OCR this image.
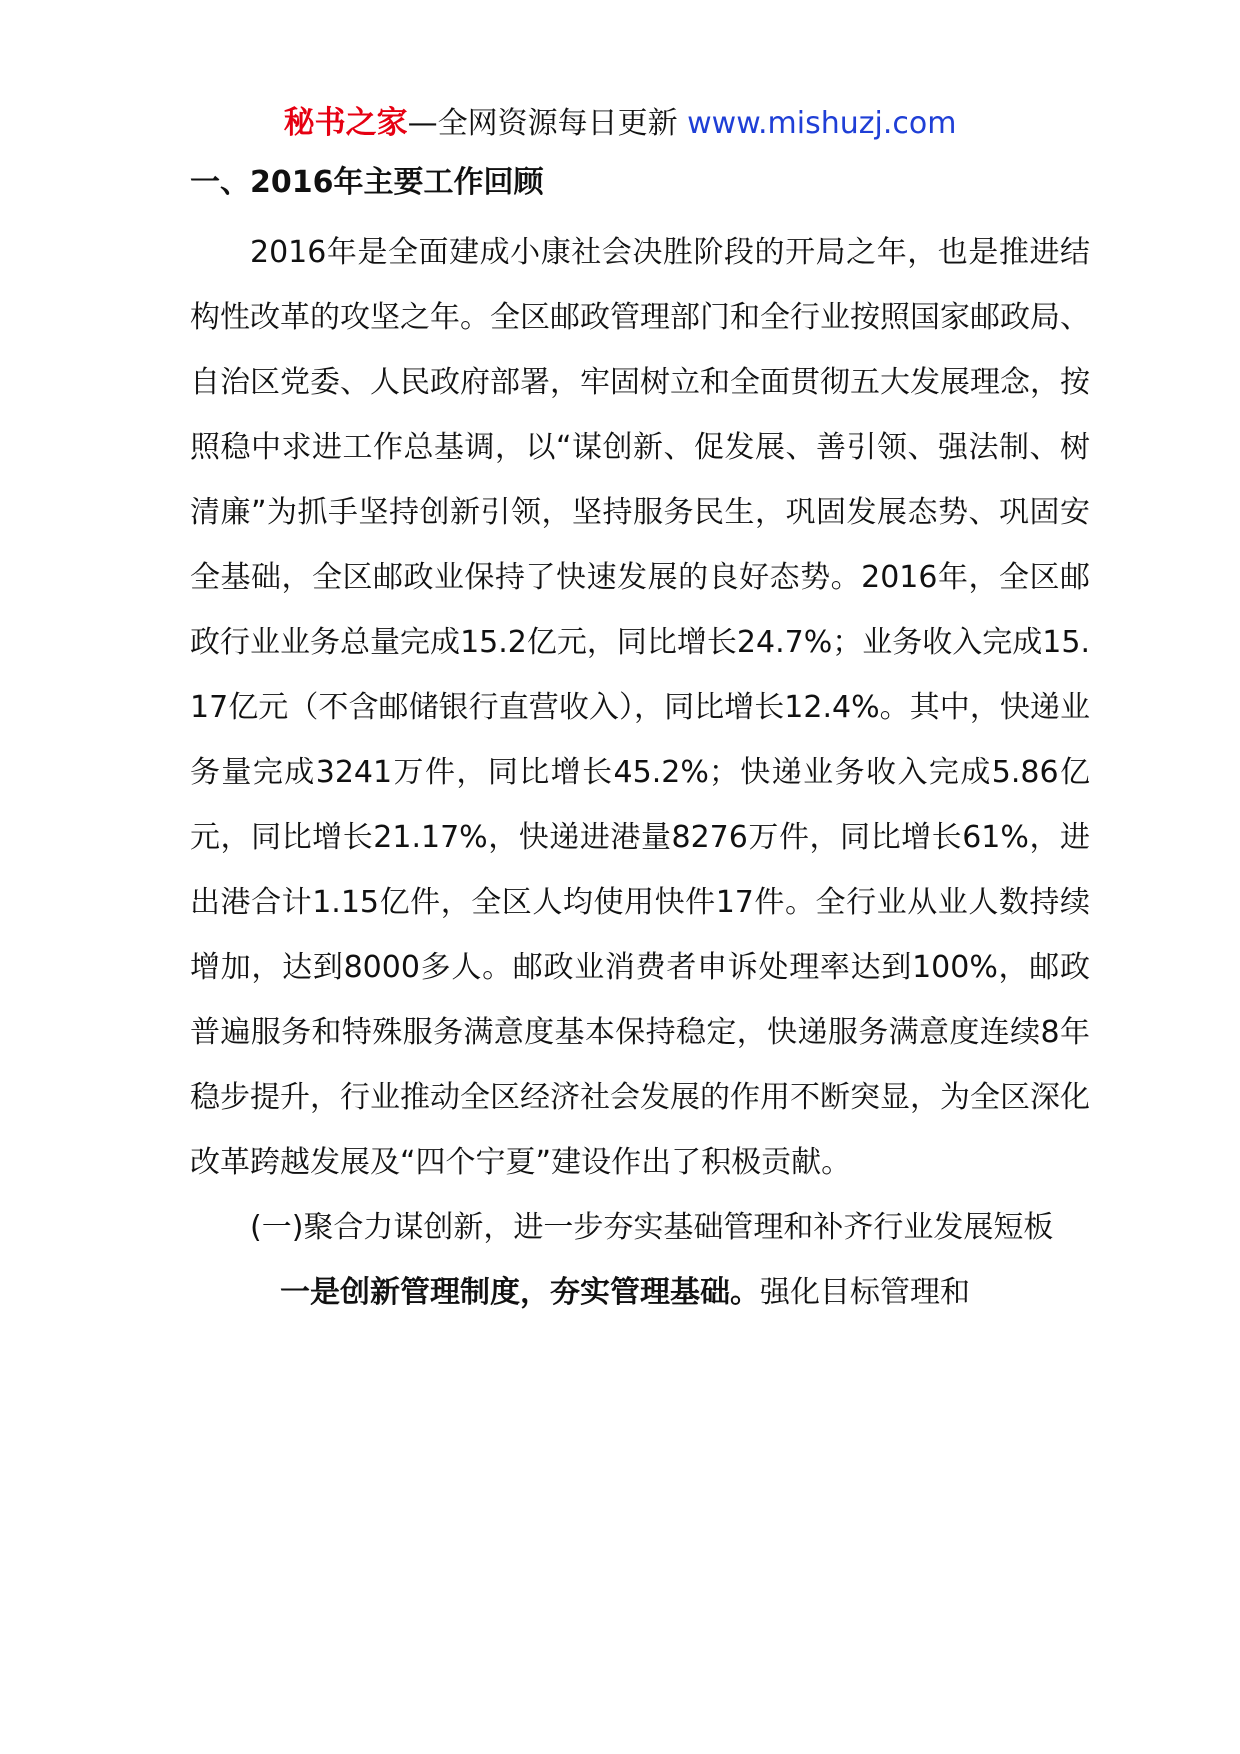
秘书之家—全网资源每日更新 www.mishuzj.com
一、2016年主要工作回顾

2016年是全面建成小康社会决胜阶段的开局之年，也是推进结构性改革的攻坚之年。全区邮政管理部门和全行业按照国家邮政局、自治区党委、人民政府部署，牢固树立和全面贯彻五大发展理念，按照稳中求进工作总基调，以“谋创新、促发展、善引领、强法制、树清廉”为抓手坚持创新引领，坚持服务民生，巩固发展态势、巩固安全基础，全区邮政业保持了快速发展的良好态势。2016年，全区邮政行业业务总量完成15.2亿元，同比增长24.7%；业务收入完成15.17亿元（不含邮储银行直营收入），同比增长12.4%。其中，快递业务量完成3241万件，同比增长45.2%；快递业务收入完成5.86亿元，同比增长21.17%，快递进港量8276万件，同比增长61%，进出港合计1.15亿件，全区人均使用快件17件。全行业从业人数持续增加，达到8000多人。邮政业消费者申诉处理率达到100%，邮政普遍服务和特殊服务满意度基本保持稳定，快递服务满意度连续8年稳步提升，行业推动全区经济社会发展的作用不断突显，为全区深化改革跨越发展及“四个宁夏”建设作出了积极贡献。

(一)聚合力谋创新，进一步夯实基础管理和补齐行业发展短板

一是创新管理制度，夯实管理基础。强化目标管理和
